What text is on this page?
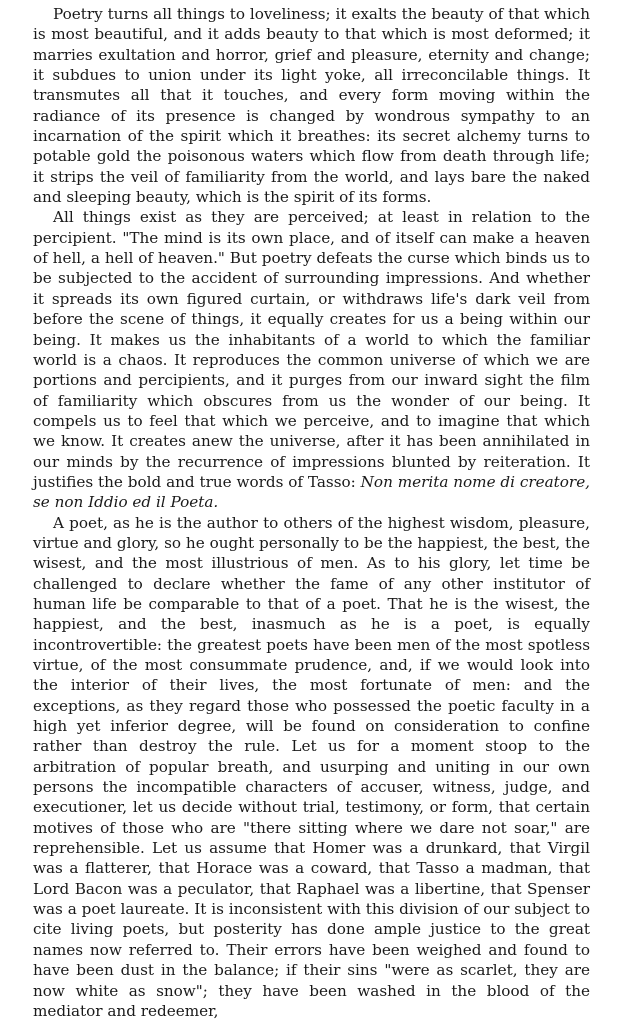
Poetry turns all things to loveliness; it exalts the beauty of that which is most beautiful, and it adds beauty to that which is most deformed; it marries exultation and horror, grief and pleasure, eternity and change; it subdues to union under its light yoke, all irreconcilable things. It transmutes all that it touches, and every form moving within the radiance of its presence is changed by wondrous sympathy to an incarnation of the spirit which it breathes: its secret alchemy turns to potable gold the poisonous waters which flow from death through life; it strips the veil of familiarity from the world, and lays bare the naked and sleeping beauty, which is the spirit of its forms.

All things exist as they are perceived; at least in relation to the percipient. "The mind is its own place, and of itself can make a heaven of hell, a hell of heaven." But poetry defeats the curse which binds us to be subjected to the accident of surrounding impressions. And whether it spreads its own figured curtain, or withdraws life's dark veil from before the scene of things, it equally creates for us a being within our being. It makes us the inhabitants of a world to which the familiar world is a chaos. It reproduces the common universe of which we are portions and percipients, and it purges from our inward sight the film of familiarity which obscures from us the wonder of our being. It compels us to feel that which we perceive, and to imagine that which we know. It creates anew the universe, after it has been annihilated in our minds by the recurrence of impressions blunted by reiteration. It justifies the bold and true words of Tasso: Non merita nome di creatore, se non Iddio ed il Poeta.

A poet, as he is the author to others of the highest wisdom, pleasure, virtue and glory, so he ought personally to be the happiest, the best, the wisest, and the most illustrious of men. As to his glory, let time be challenged to declare whether the fame of any other institutor of human life be comparable to that of a poet. That he is the wisest, the happiest, and the best, inasmuch as he is a poet, is equally incontrovertible: the greatest poets have been men of the most spotless virtue, of the most consummate prudence, and, if we would look into the interior of their lives, the most fortunate of men: and the exceptions, as they regard those who possessed the poetic faculty in a high yet inferior degree, will be found on consideration to confine rather than destroy the rule. Let us for a moment stoop to the arbitration of popular breath, and usurping and uniting in our own persons the incompatible characters of accuser, witness, judge, and executioner, let us decide without trial, testimony, or form, that certain motives of those who are "there sitting where we dare not soar," are reprehensible. Let us assume that Homer was a drunkard, that Virgil was a flatterer, that Horace was a coward, that Tasso a madman, that Lord Bacon was a peculator, that Raphael was a libertine, that Spenser was a poet laureate. It is inconsistent with this division of our subject to cite living poets, but posterity has done ample justice to the great names now referred to. Their errors have been weighed and found to have been dust in the balance; if their sins "were as scarlet, they are now white as snow"; they have been washed in the blood of the mediator and redeemer,
